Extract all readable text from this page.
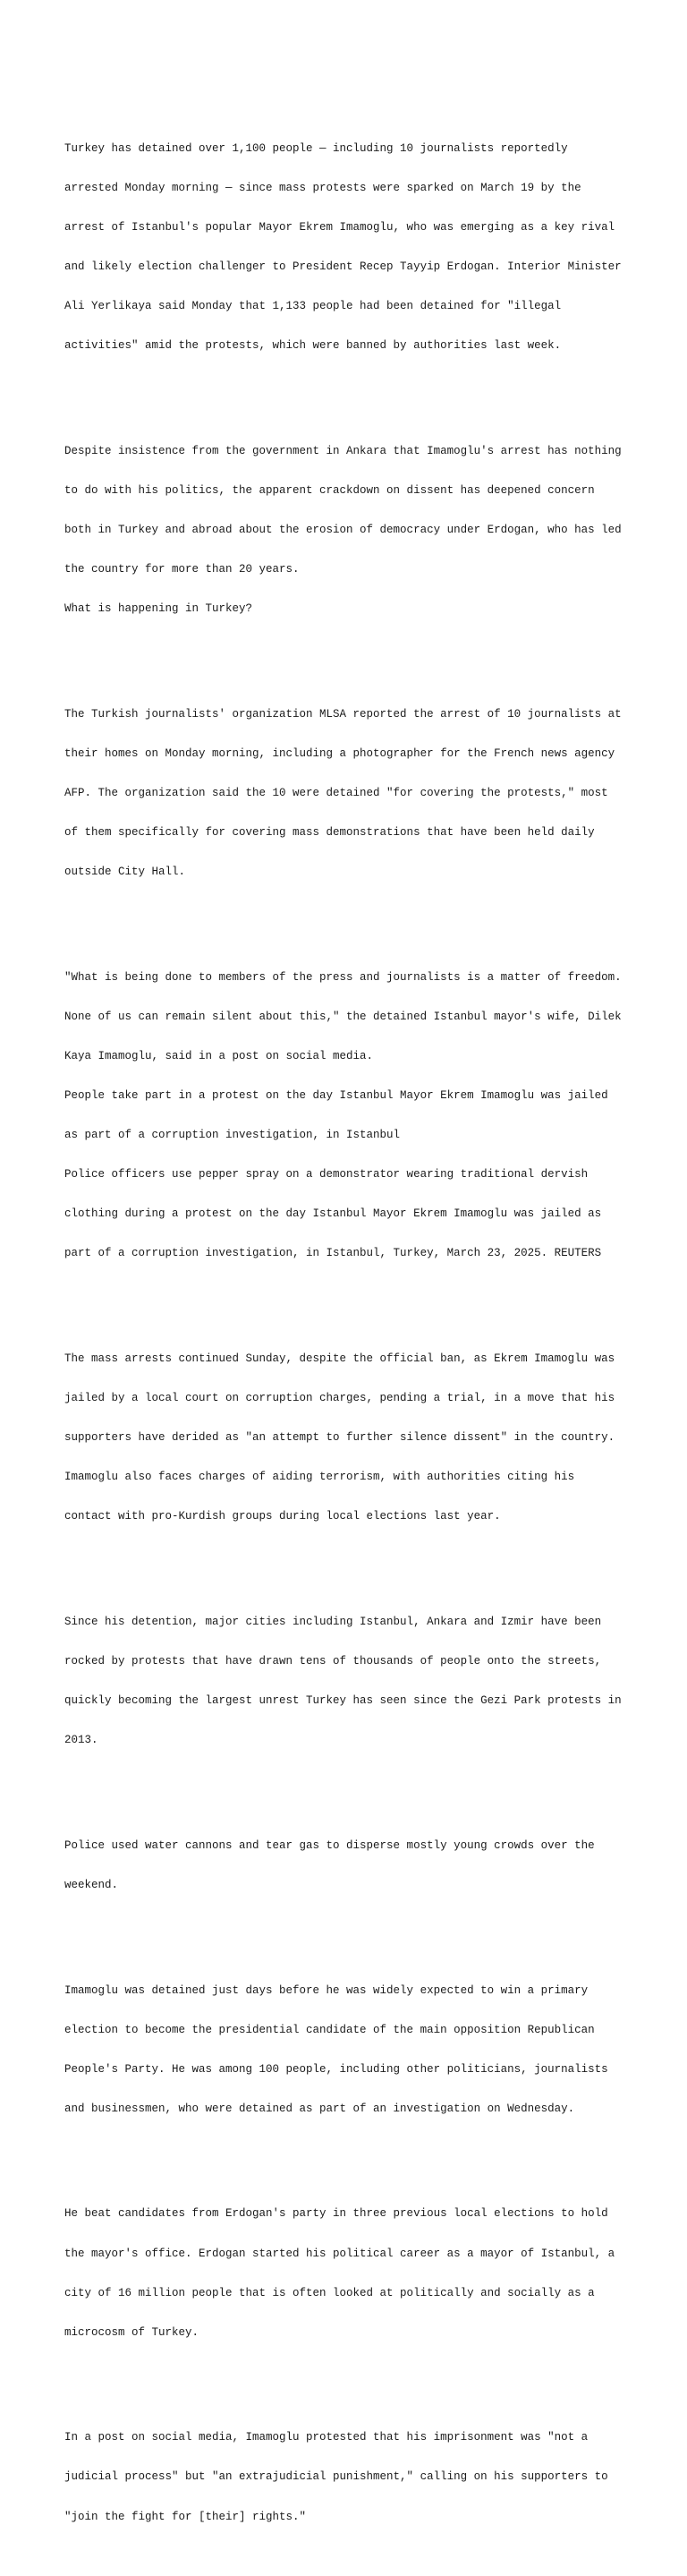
Turkey has detained over 1,100 people — including 10 journalists reportedly

arrested Monday morning — since mass protests were sparked on March 19 by the

arrest of Istanbul's popular Mayor Ekrem Imamoglu, who was emerging as a key rival

and likely election challenger to President Recep Tayyip Erdogan. Interior Minister

Ali Yerlikaya said Monday that 1,133 people had been detained for "illegal

activities" amid the protests, which were banned by authorities last week.

Despite insistence from the government in Ankara that Imamoglu's arrest has nothing

to do with his politics, the apparent crackdown on dissent has deepened concern

both in Turkey and abroad about the erosion of democracy under Erdogan, who has led

the country for more than 20 years.

What is happening in Turkey?

The Turkish journalists' organization MLSA reported the arrest of 10 journalists at

their homes on Monday morning, including a photographer for the French news agency

AFP. The organization said the 10 were detained "for covering the protests," most

of them specifically for covering mass demonstrations that have been held daily

outside City Hall.

"What is being done to members of the press and journalists is a matter of freedom.

None of us can remain silent about this," the detained Istanbul mayor's wife, Dilek

Kaya Imamoglu, said in a post on social media.

People take part in a protest on the day Istanbul Mayor Ekrem Imamoglu was jailed

as part of a corruption investigation, in Istanbul

Police officers use pepper spray on a demonstrator wearing traditional dervish

clothing during a protest on the day Istanbul Mayor Ekrem Imamoglu was jailed as

part of a corruption investigation, in Istanbul, Turkey, March 23, 2025. REUTERS

The mass arrests continued Sunday, despite the official ban, as Ekrem Imamoglu was

jailed by a local court on corruption charges, pending a trial, in a move that his

supporters have derided as "an attempt to further silence dissent" in the country.

Imamoglu also faces charges of aiding terrorism, with authorities citing his

contact with pro-Kurdish groups during local elections last year.

Since his detention, major cities including Istanbul, Ankara and Izmir have been

rocked by protests that have drawn tens of thousands of people onto the streets,

quickly becoming the largest unrest Turkey has seen since the Gezi Park protests in

2013.

Police used water cannons and tear gas to disperse mostly young crowds over the

weekend.

Imamoglu was detained just days before he was widely expected to win a primary

election to become the presidential candidate of the main opposition Republican

People's Party. He was among 100 people, including other politicians, journalists

and businessmen, who were detained as part of an investigation on Wednesday.

He beat candidates from Erdogan's party in three previous local elections to hold

the mayor's office. Erdogan started his political career as a mayor of Istanbul, a

city of 16 million people that is often looked at politically and socially as a

microcosm of Turkey.

In a post on social media, Imamoglu protested that his imprisonment was "not a

judicial process" but "an extrajudicial punishment," calling on his supporters to

"join the fight for [their] rights."
